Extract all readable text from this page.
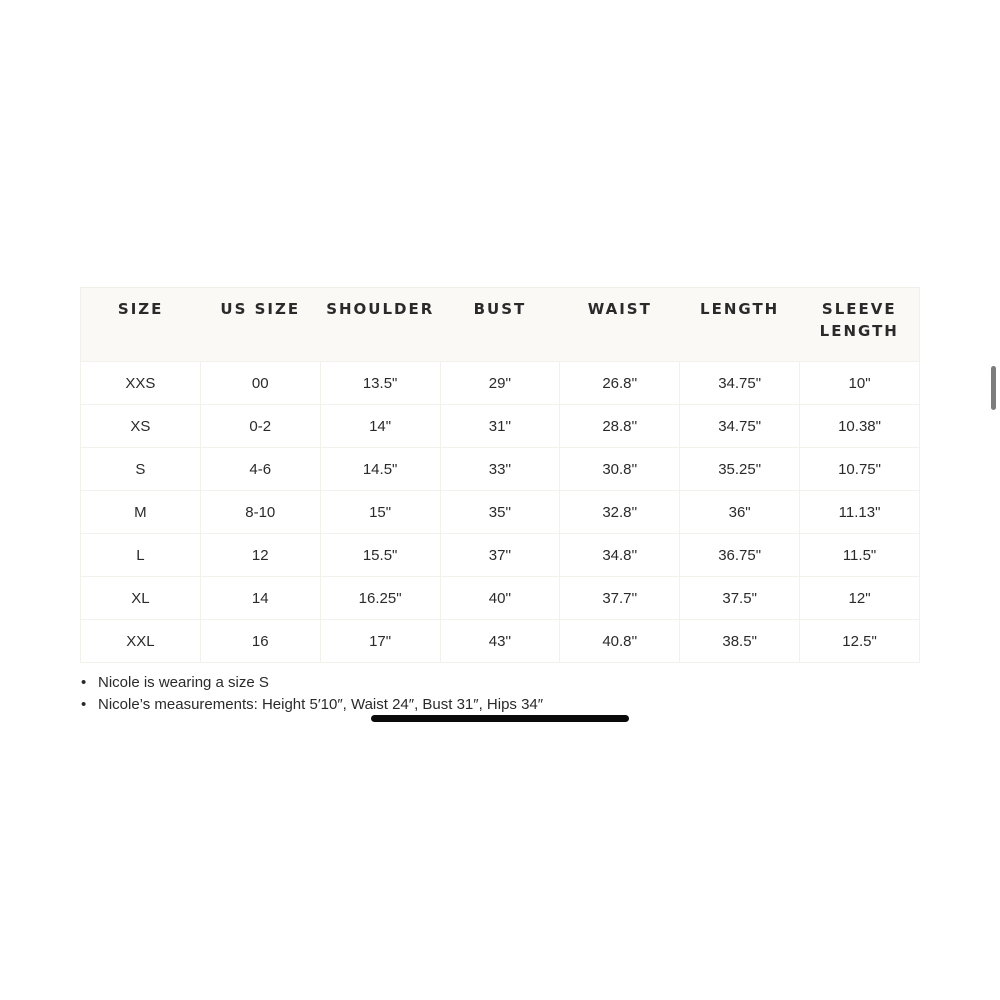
SIZE	US SIZE	SHOULDER	BUST	WAIST	LENGTH	SLEEVE LENGTH
XXS	00	13.5"	29''	26.8''	34.75"	10"
XS	0-2	14"	31''	28.8''	34.75"	10.38"
S	4-6	14.5"	33''	30.8''	35.25"	10.75"
M	8-10	15"	35''	32.8''	36"	11.13"
L	12	15.5"	37''	34.8''	36.75"	11.5"
XL	14	16.25"	40''	37.7''	37.5"	12"
XXL	16	17"	43''	40.8''	38.5"	12.5"
• Nicole is wearing a size S
• Nicole’s measurements: Height 5′10″, Waist 24″, Bust 31″, Hips 34″
